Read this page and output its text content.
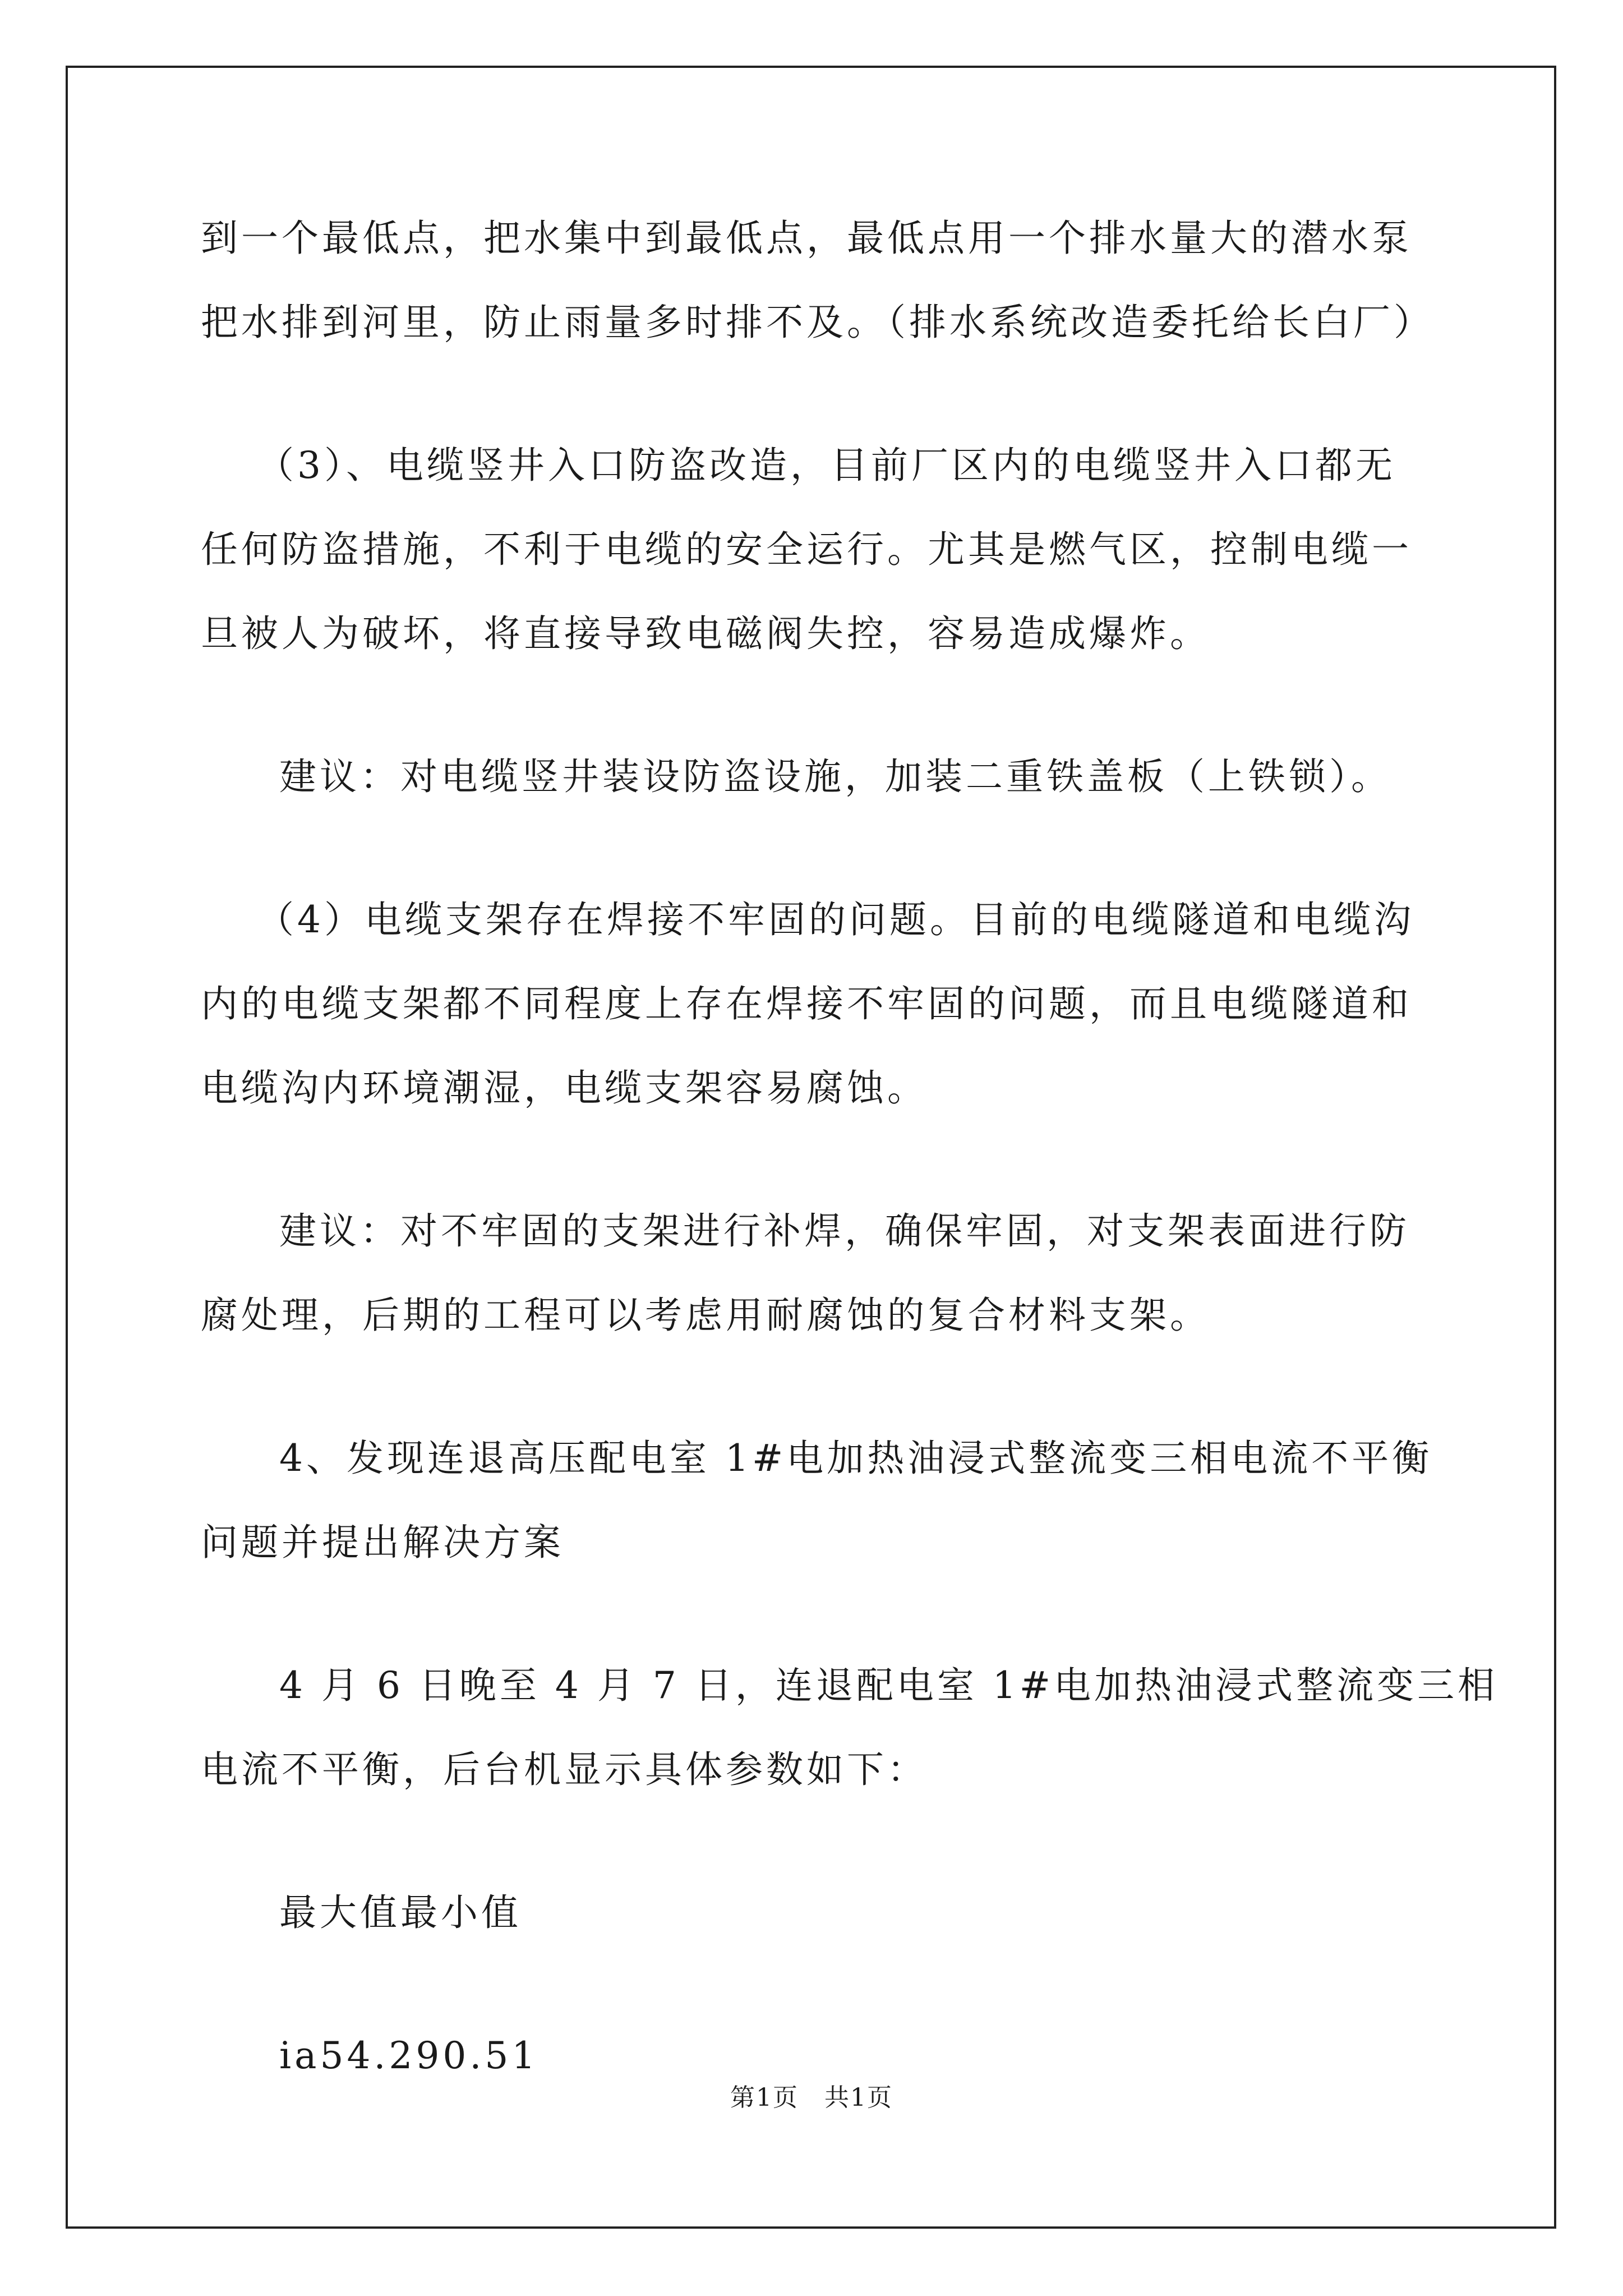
到一个最低点，把水集中到最低点，最低点用一个排水量大的潜水泵
把水排到河里，防止雨量多时排不及。（排水系统改造委托给长白厂）
（3）、电缆竖井入口防盗改造，目前厂区内的电缆竖井入口都无
任何防盗措施，不利于电缆的安全运行。尤其是燃气区，控制电缆一
旦被人为破坏，将直接导致电磁阀失控，容易造成爆炸。
建议：对电缆竖井装设防盗设施，加装二重铁盖板（上铁锁）。
（4）电缆支架存在焊接不牢固的问题。目前的电缆隧道和电缆沟
内的电缆支架都不同程度上存在焊接不牢固的问题，而且电缆隧道和
电缆沟内环境潮湿，电缆支架容易腐蚀。
建议：对不牢固的支架进行补焊，确保牢固，对支架表面进行防
腐处理，后期的工程可以考虑用耐腐蚀的复合材料支架。
4、发现连退高压配电室 1#电加热油浸式整流变三相电流不平衡
问题并提出解决方案
4 月 6 日晚至 4 月 7 日，连退配电室 1#电加热油浸式整流变三相
电流不平衡，后台机显示具体参数如下：
最大值最小值
ia54.290.51
第1页　共1页
